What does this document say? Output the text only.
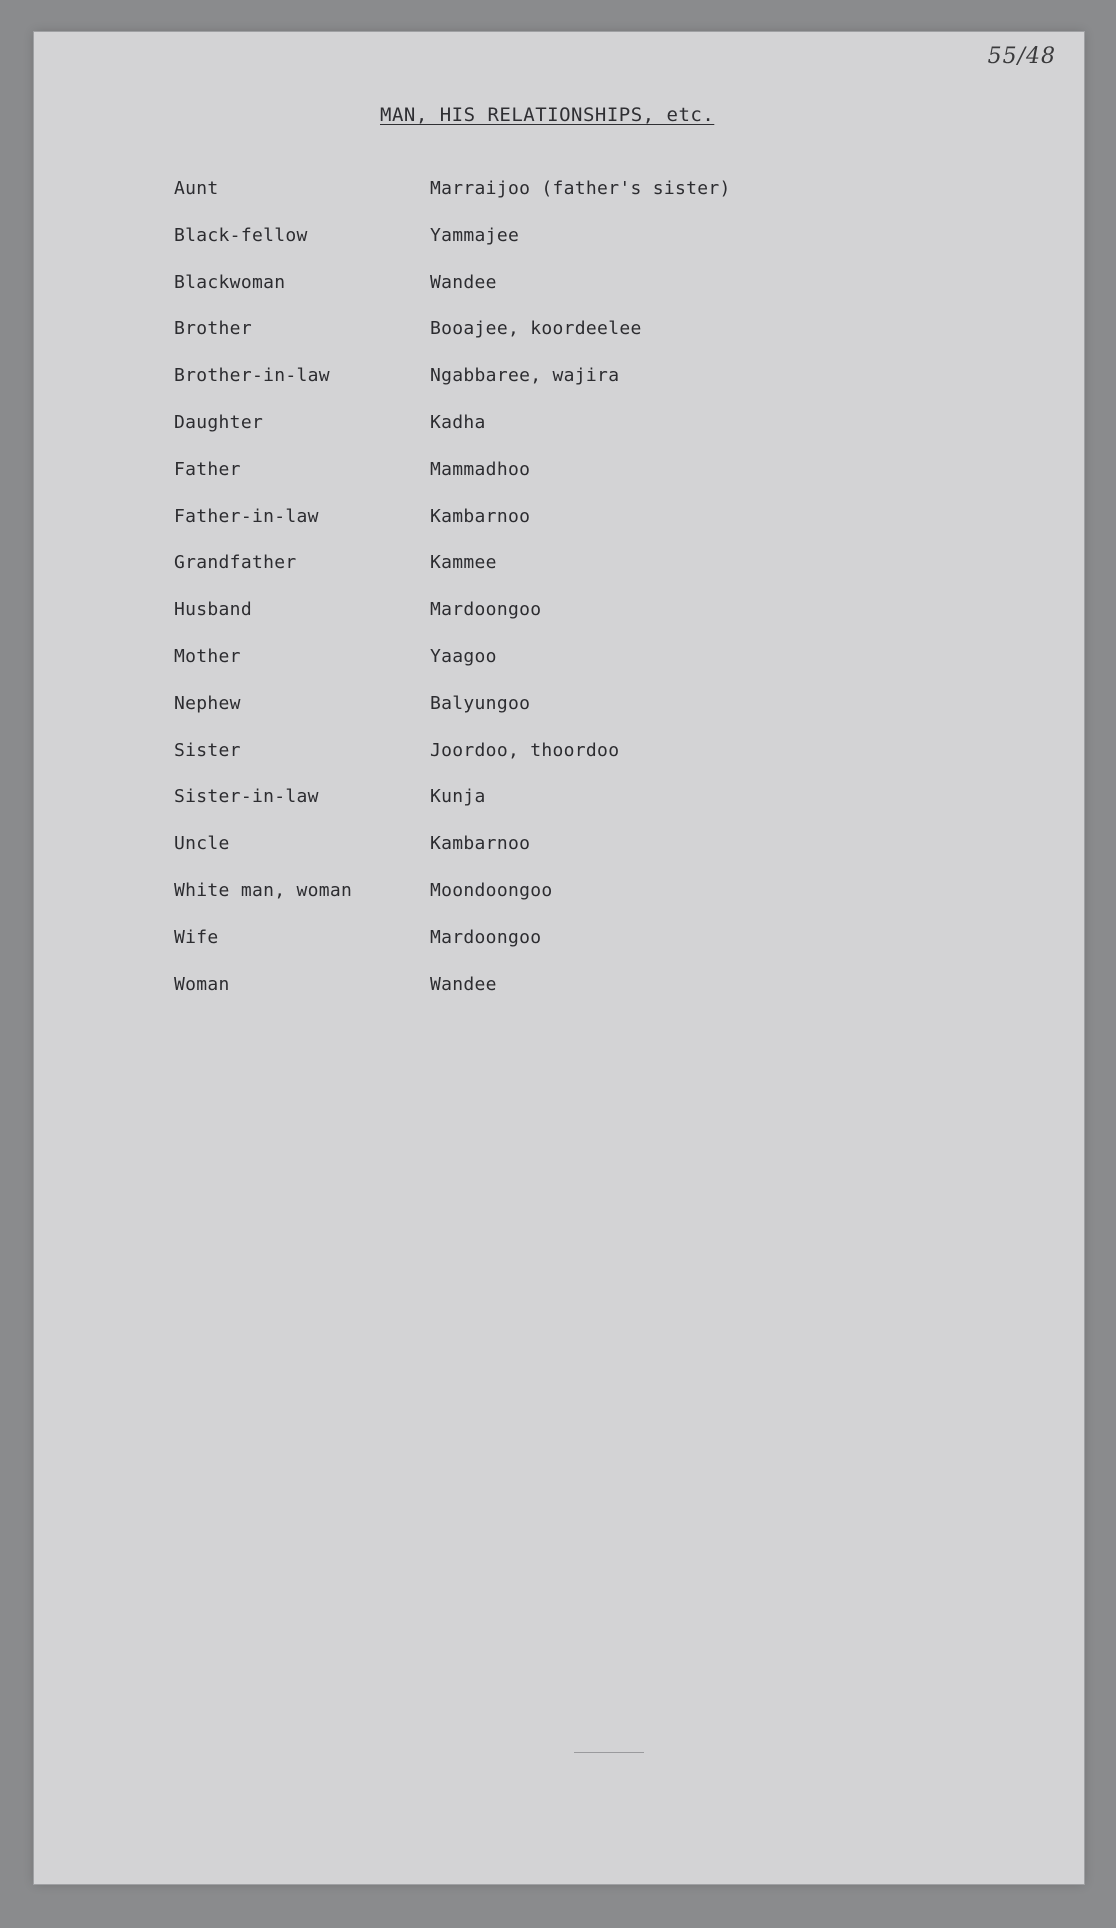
55/48
MAN, HIS RELATIONSHIPS, etc.
Aunt	Marraijoo (father's sister)
Black-fellow	Yammajee
Blackwoman	Wandee
Brother	Booajee, koordeelee
Brother-in-law	Ngabbaree, wajira
Daughter	Kadha
Father	Mammadhoo
Father-in-law	Kambarnoo
Grandfather	Kammee
Husband	Mardoongoo
Mother	Yaagoo
Nephew	Balyungoo
Sister	Joordoo, thoordoo
Sister-in-law	Kunja
Uncle	Kambarnoo
White man, woman	Moondoongoo
Wife	Mardoongoo
Woman	Wandee
